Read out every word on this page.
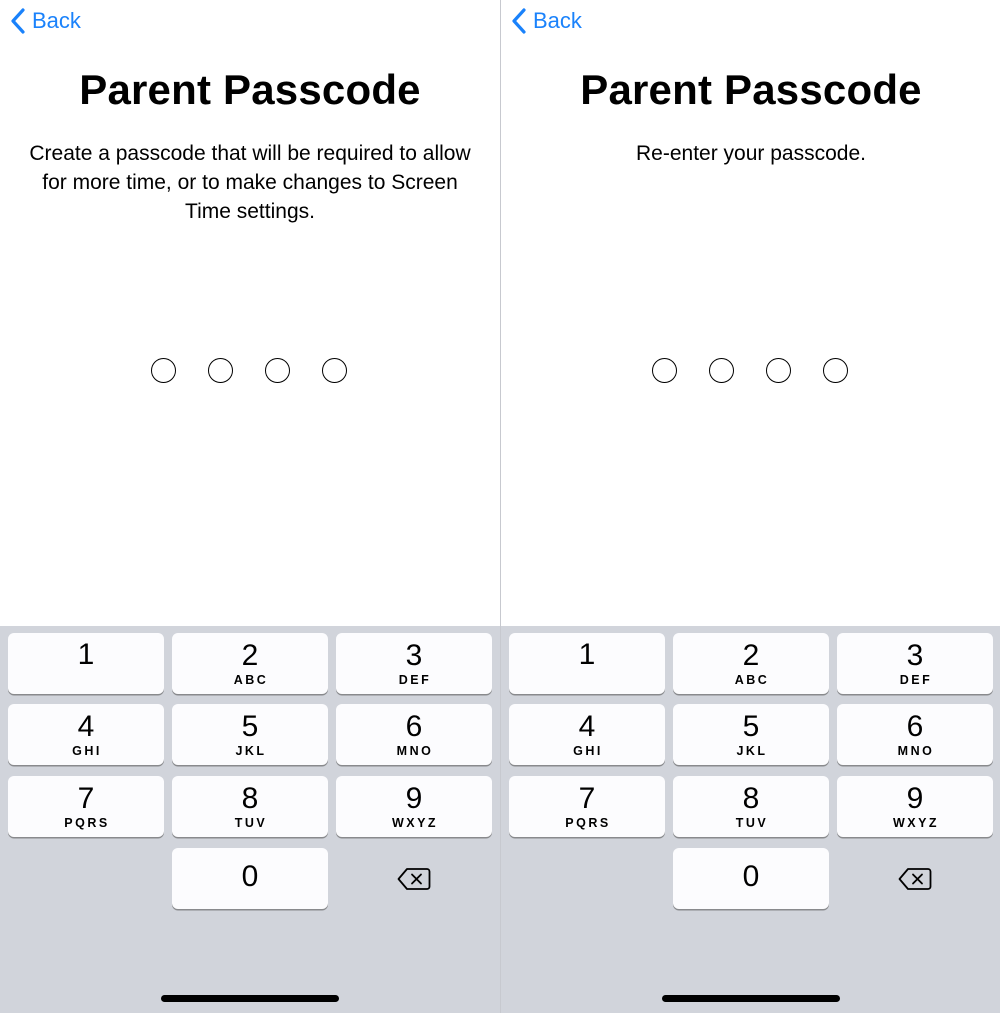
Back
Parent Passcode
Create a passcode that will be required to allow for more time, or to make changes to Screen Time settings.
1	2
ABC
3
DEF
4
GHI
5
JKL
6
MNO
7
PQRS
8
TUV
9
WXYZ
0
Back
Parent Passcode
Re-enter your passcode.
1	2
ABC
3
DEF
4
GHI
5
JKL
6
MNO
7
PQRS
8
TUV
9
WXYZ
0
